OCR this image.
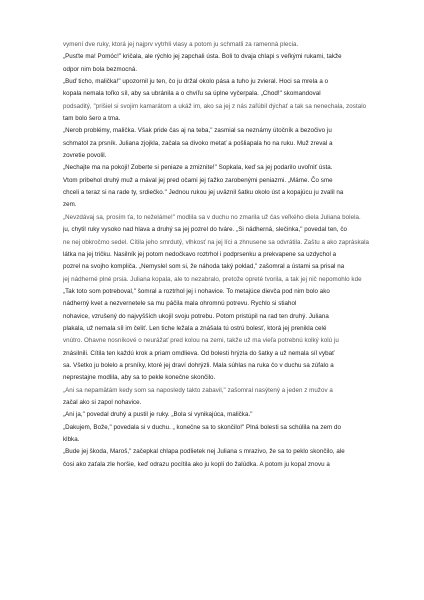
vymení dve ruky, ktorá jej najprv vytrhli vlasy a potom ju schmatli za ramenná plecia.
„Pusťte ma! Pomóc!" kričala, ale rýchlo jej zapchali ústa. Boli to dvaja chlapi s veľkými rukami, takže
odpor nim bola bezmocná.
„Buď ticho, malička!" upozornil ju ten, čo ju držal okolo pása a tuho ju zvieral. Hoci sa mrela a o
kopala nemala toľko síl, aby sa ubránila a o chvíľu sa úplne vyčerpala. „Chod!" skomandoval
podsaditý, "prišiel si svojim kamarátom a ukáž im, ako sa jej z nás zaľúbil dýchať a tak sa nenechala, zostalo
tam bolo šero a tma.
„Nerob problémy, malička. Však pride čas aj na teba," zasmial sa neznámy útočník a bezočivo ju
schmatol za prsník. Juliana zjojkla, začala sa divoko metať a pošliapala ho na ruku. Muž zreval a
zovretie povolil.
„Nechajte ma na pokoji! Zoberte si peniaze a zmiznite!" Sopkala, keď sa jej podarilo uvoľniť ústa.
Vtom pribehol druhý muž a mával jej pred očami jej ťažko zarobenými peniazmi. „Máme. Čo sme
chceli a teraz si na rade ty, srdiečko." Jednou rukou jej uväznil šatku okolo úst a kopajúcu ju zvalil na
zem.
„Nevzdávaj sa, prosím ťa, to neželáme!" modlila sa v duchu no zmarila už čas veľkého diela Juliana bolela.
ju, chytil ruky vysoko nad hlava a druhý sa jej pozrel do tváre. „Si nádherná, slečinka," povedal ten, čo
ne nej obkročmo sedel. Cítila jeho smrdutý, vlhkosť na jej líci a zhnusene sa odvrátila. Zaštu a ako zapráskala
látka na jej tričku. Nasilník jej potom nedočkavo roztrhol i podprsenku a prekvapene sa uzdychol a
pozrel na svojho kompliča. „Nemyslel som si, že náhoda taký poklad," zašomral a ústami sa prisal na
jej nádherné plné prsia. Juliana kopala, ale to nezabralo, pretože opreté tvorila, a tak jej nič nepomohlo kde
„Tak toto som potreboval," šomral a roztrhol jej i nohavice. To metajúce dievča pod nim bolo ako
nádherný kvet a nezvernetele sa mu páčila mala ohromnú potrevu. Rychlo si stiahol
nohavice, vzrušený do najvyšších ukojil svoju potrebu. Potom pristúpil na rad ten druhý. Juliana
plakala, už nemala síl im čeliť. Len tiche ležala a znášala tú ostrú bolesť, ktorá jej prenikla celé
vnútro. Ohavne nosníkové o neurážať pred kolou na zemi, takže už ma vieľa potrebnú kolký kolú ju
znásilnili. Cítila ten každú krok a priam omdlieva. Od bolesti hrýzla do šatky a už nemala síl vybať
sa. Všetko ju bolelo a prsníky, ktoré jej draví dohrýzli. Mala súhlas na ruka čo v duchu sa zúfalo a
neprestajne modlila, aby sa to pekle konečne skončilo.
„Ani sa nepamätám kedy som sa naposledy takto zabavil," zašomral nasýtený a jeden z mužov a
začal ako si zapol nohavice.
„Ani ja," povedal druhý a pustil je ruky. „Bola si vynikajúca, malička."
„Dakujem, Bože," povedala si v duchu. „ konečne sa to skončilo!" Plná bolesti sa schúlila na zem do
klbka.
„Bude jej škoda, Maroš," začepkal chlapa podlietek nej Juliana s mrazivo, že sa to peklo skončilo, ale
čosi ako zaťala zle horšie, keď odrazu pocítila ako ju kopli do žalúdka. A potom ju kopal znovu a
